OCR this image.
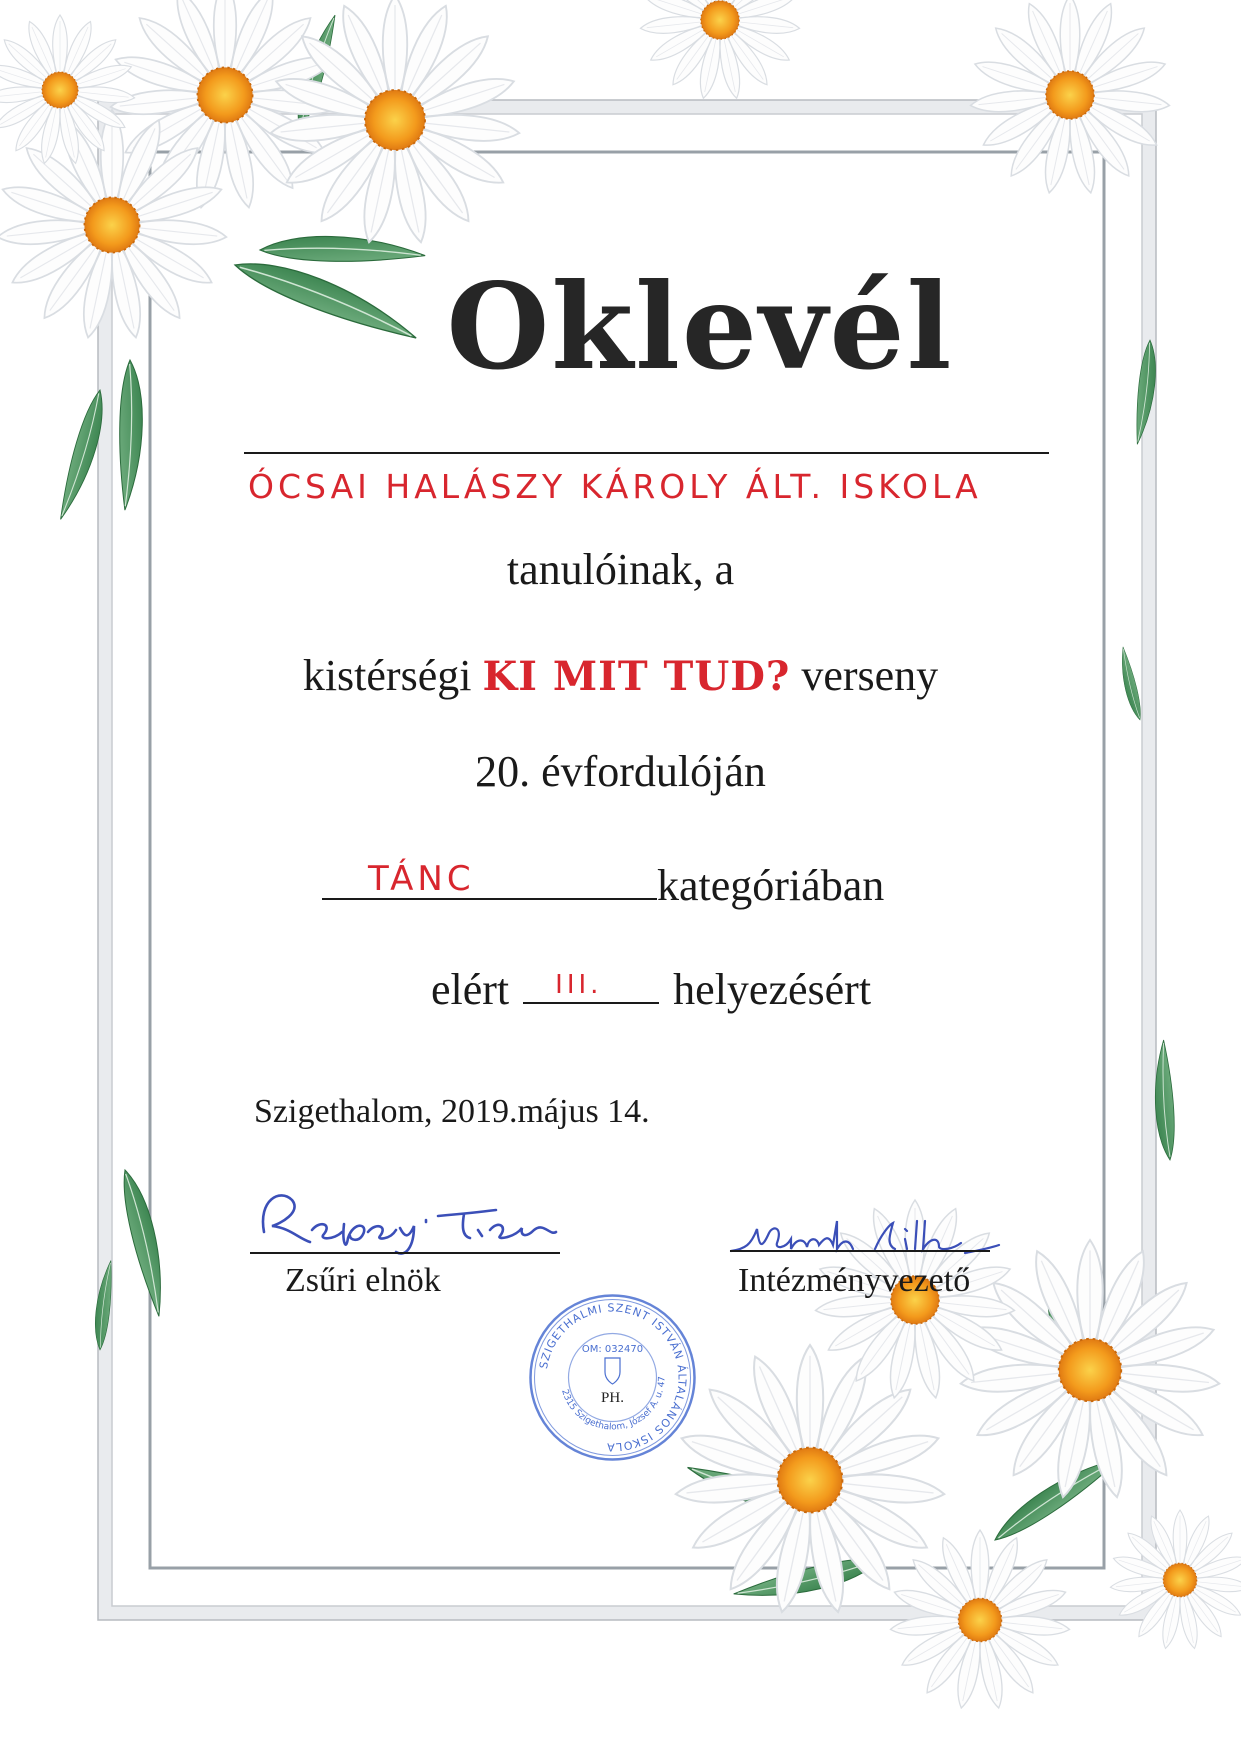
Oklevél
ÓCSAI HALÁSZY KÁROLY ÁLT. ISKOLA
tanulóinak, a
kistérségi KI MIT TUD? verseny
20. évfordulóján
TÁNC	kategóriában
elért III. helyezésért
Szigethalom, 2019.május 14.
Zsűri elnök	Intézményvezető
SZIGETHALMI SZENT ISTVÁN ÁLTALÁNOS ISKOLA
OM: 032470
PH.
2315 Szigethalom, József A. u. 47
